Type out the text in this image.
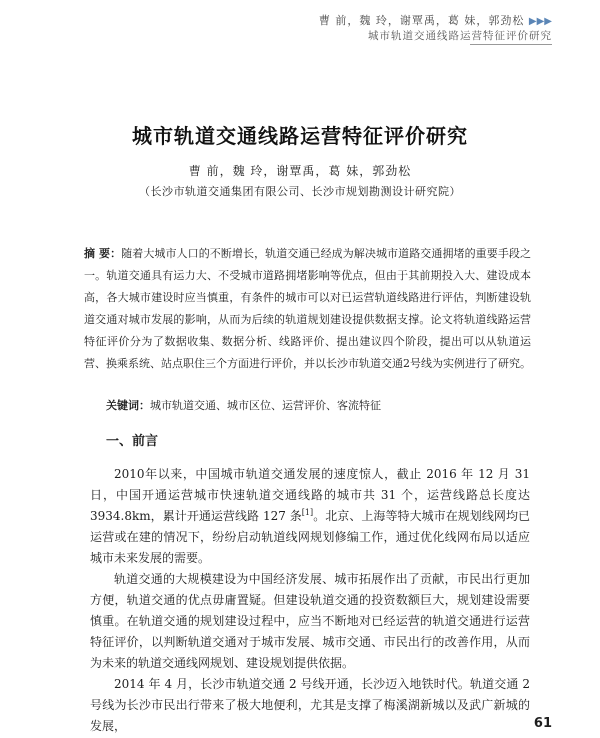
曹 前，魏 玲，谢覃禹，葛 妹，郭劲松 ▶▶▶
城市轨道交通线路运营特征评价研究
城市轨道交通线路运营特征评价研究
曹 前，魏 玲，谢覃禹，葛 妹，郭劲松
（长沙市轨道交通集团有限公司、长沙市规划勘测设计研究院）
摘 要：随着大城市人口的不断增长，轨道交通已经成为解决城市道路交通拥堵的重要手段之一。轨道交通具有运力大、不受城市道路拥堵影响等优点，但由于其前期投入大、建设成本高，各大城市建设时应当慎重，有条件的城市可以对已运营轨道线路进行评估，判断建设轨道交通对城市发展的影响，从而为后续的轨道规划建设提供数据支撑。论文将轨道线路运营特征评价分为了数据收集、数据分析、线路评价、提出建议四个阶段，提出可以从轨道运营、换乘系统、站点职住三个方面进行评价，并以长沙市轨道交通2号线为实例进行了研究。
关键词：城市轨道交通、城市区位、运营评价、客流特征
一、前言

2010年以来，中国城市轨道交通发展的速度惊人，截止 2016 年 12 月 31 日，中国开通运营城市快速轨道交通线路的城市共 31 个，运营线路总长度达 3934.8km，累计开通运营线路 127 条[1]。北京、上海等特大城市在规划线网均已运营或在建的情况下，纷纷启动轨道线网规划修编工作，通过优化线网布局以适应城市未来发展的需要。

轨道交通的大规模建设为中国经济发展、城市拓展作出了贡献，市民出行更加方便，轨道交通的优点毋庸置疑。但建设轨道交通的投资数额巨大，规划建设需要慎重。在轨道交通的规划建设过程中，应当不断地对已经运营的轨道交通进行运营特征评价，以判断轨道交通对于城市发展、城市交通、市民出行的改善作用，从而为未来的轨道交通线网规划、建设规划提供依据。

2014 年 4 月，长沙市轨道交通 2 号线开通，长沙迈入地铁时代。轨道交通 2 号线为长沙市民出行带来了极大地便利，尤其是支撑了梅溪湖新城以及武广新城的发展，	61
